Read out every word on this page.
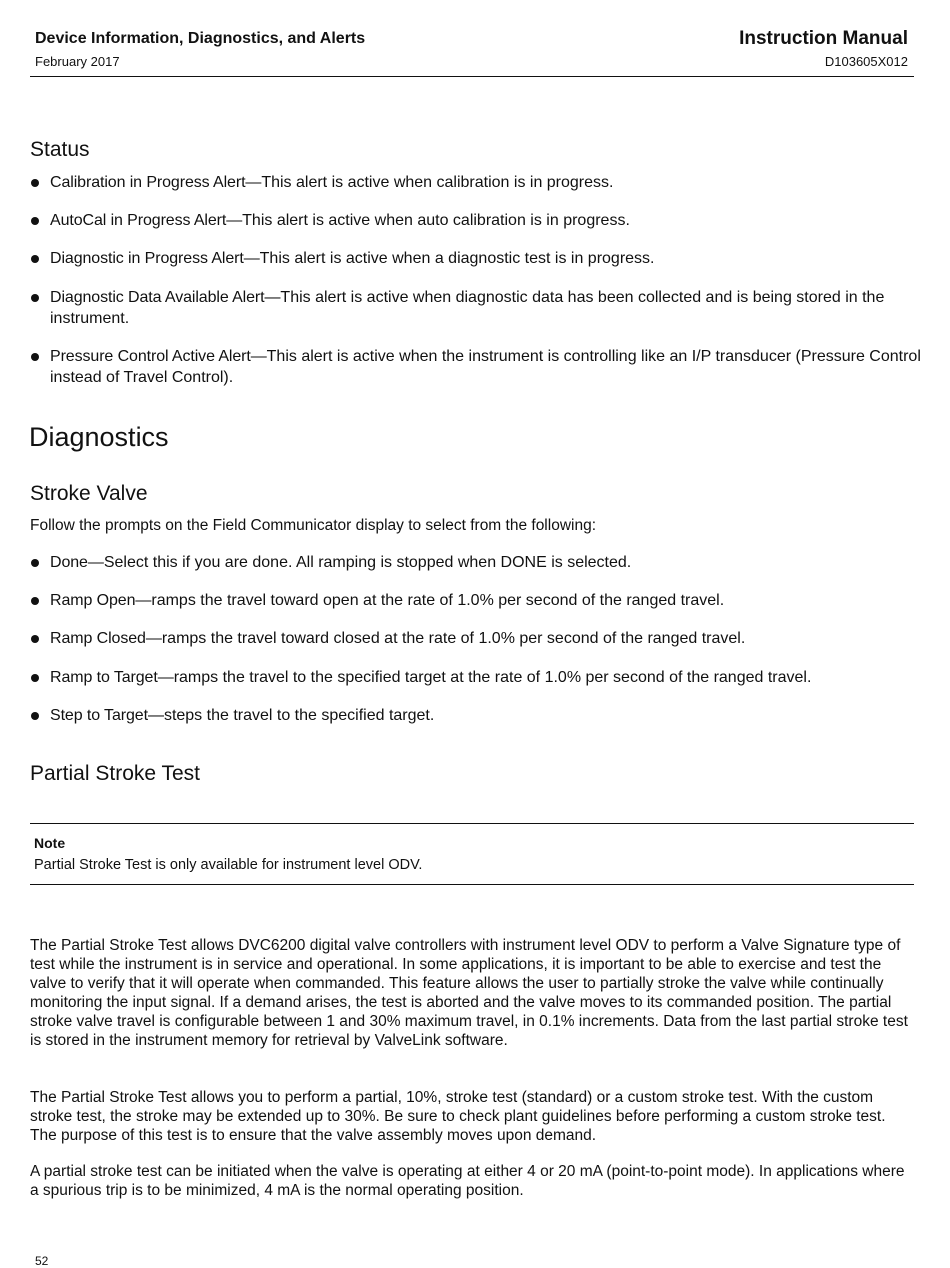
Device Information, Diagnostics, and Alerts
February 2017
Instruction Manual
D103605X012
Status
Calibration in Progress Alert—This alert is active when calibration is in progress.
AutoCal in Progress Alert—This alert is active when auto calibration is in progress.
Diagnostic in Progress Alert—This alert is active when a diagnostic test is in progress.
Diagnostic Data Available Alert—This alert is active when diagnostic data has been collected and is being stored in the instrument.
Pressure Control Active Alert—This alert is active when the instrument is controlling like an I/P transducer (Pressure Control instead of Travel Control).
Diagnostics
Stroke Valve
Follow the prompts on the Field Communicator display to select from the following:
Done—Select this if you are done. All ramping is stopped when DONE is selected.
Ramp Open—ramps the travel toward open at the rate of 1.0% per second of the ranged travel.
Ramp Closed—ramps the travel toward closed at the rate of 1.0% per second of the ranged travel.
Ramp to Target—ramps the travel to the specified target at the rate of 1.0% per second of the ranged travel.
Step to Target—steps the travel to the specified target.
Partial Stroke Test
Note
Partial Stroke Test is only available for instrument level ODV.
The Partial Stroke Test allows DVC6200 digital valve controllers with instrument level ODV to perform a Valve Signature type of test while the instrument is in service and operational. In some applications, it is important to be able to exercise and test the valve to verify that it will operate when commanded. This feature allows the user to partially stroke the valve while continually monitoring the input signal. If a demand arises, the test is aborted and the valve moves to its commanded position. The partial stroke valve travel is configurable between 1 and 30% maximum travel, in 0.1% increments. Data from the last partial stroke test is stored in the instrument memory for retrieval by ValveLink software.
The Partial Stroke Test allows you to perform a partial, 10%, stroke test (standard) or a custom stroke test. With the custom stroke test, the stroke may be extended up to 30%. Be sure to check plant guidelines before performing a custom stroke test. The purpose of this test is to ensure that the valve assembly moves upon demand.
A partial stroke test can be initiated when the valve is operating at either 4 or 20 mA (point-to-point mode). In applications where a spurious trip is to be minimized, 4 mA is the normal operating position.
52
